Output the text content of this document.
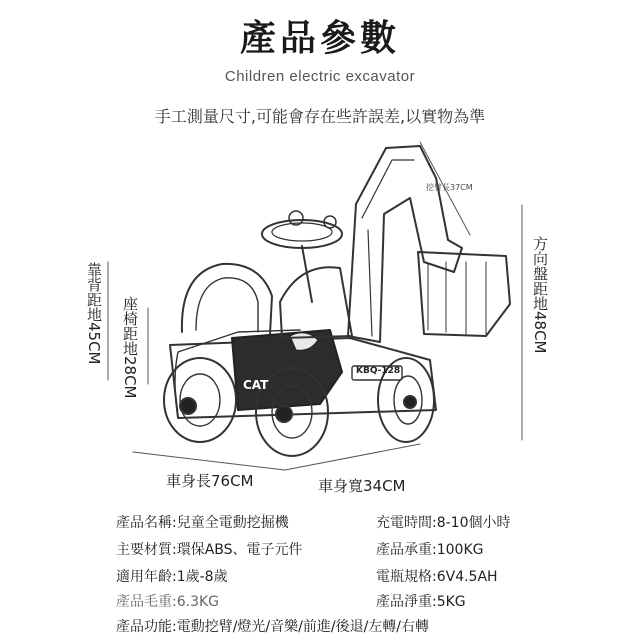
產品參數
Children electric excavator
手工測量尺寸,可能會存在些許誤差,以實物為準
CAT
KBQ-128
挖臂長37CM
靠背距地45CM 座椅距地28CM	方向盤距地48CM
車身長76CM	車身寬34CM
產品名稱:兒童全電動挖掘機	充電時間:8-10個小時
主要材質:環保ABS、電子元件	產品承重:100KG
適用年齡:1歲-8歲	電瓶規格:6V4.5AH
產品毛重:6.3KG	產品淨重:5KG
產品功能:電動挖臂/燈光/音樂/前進/後退/左轉/右轉
